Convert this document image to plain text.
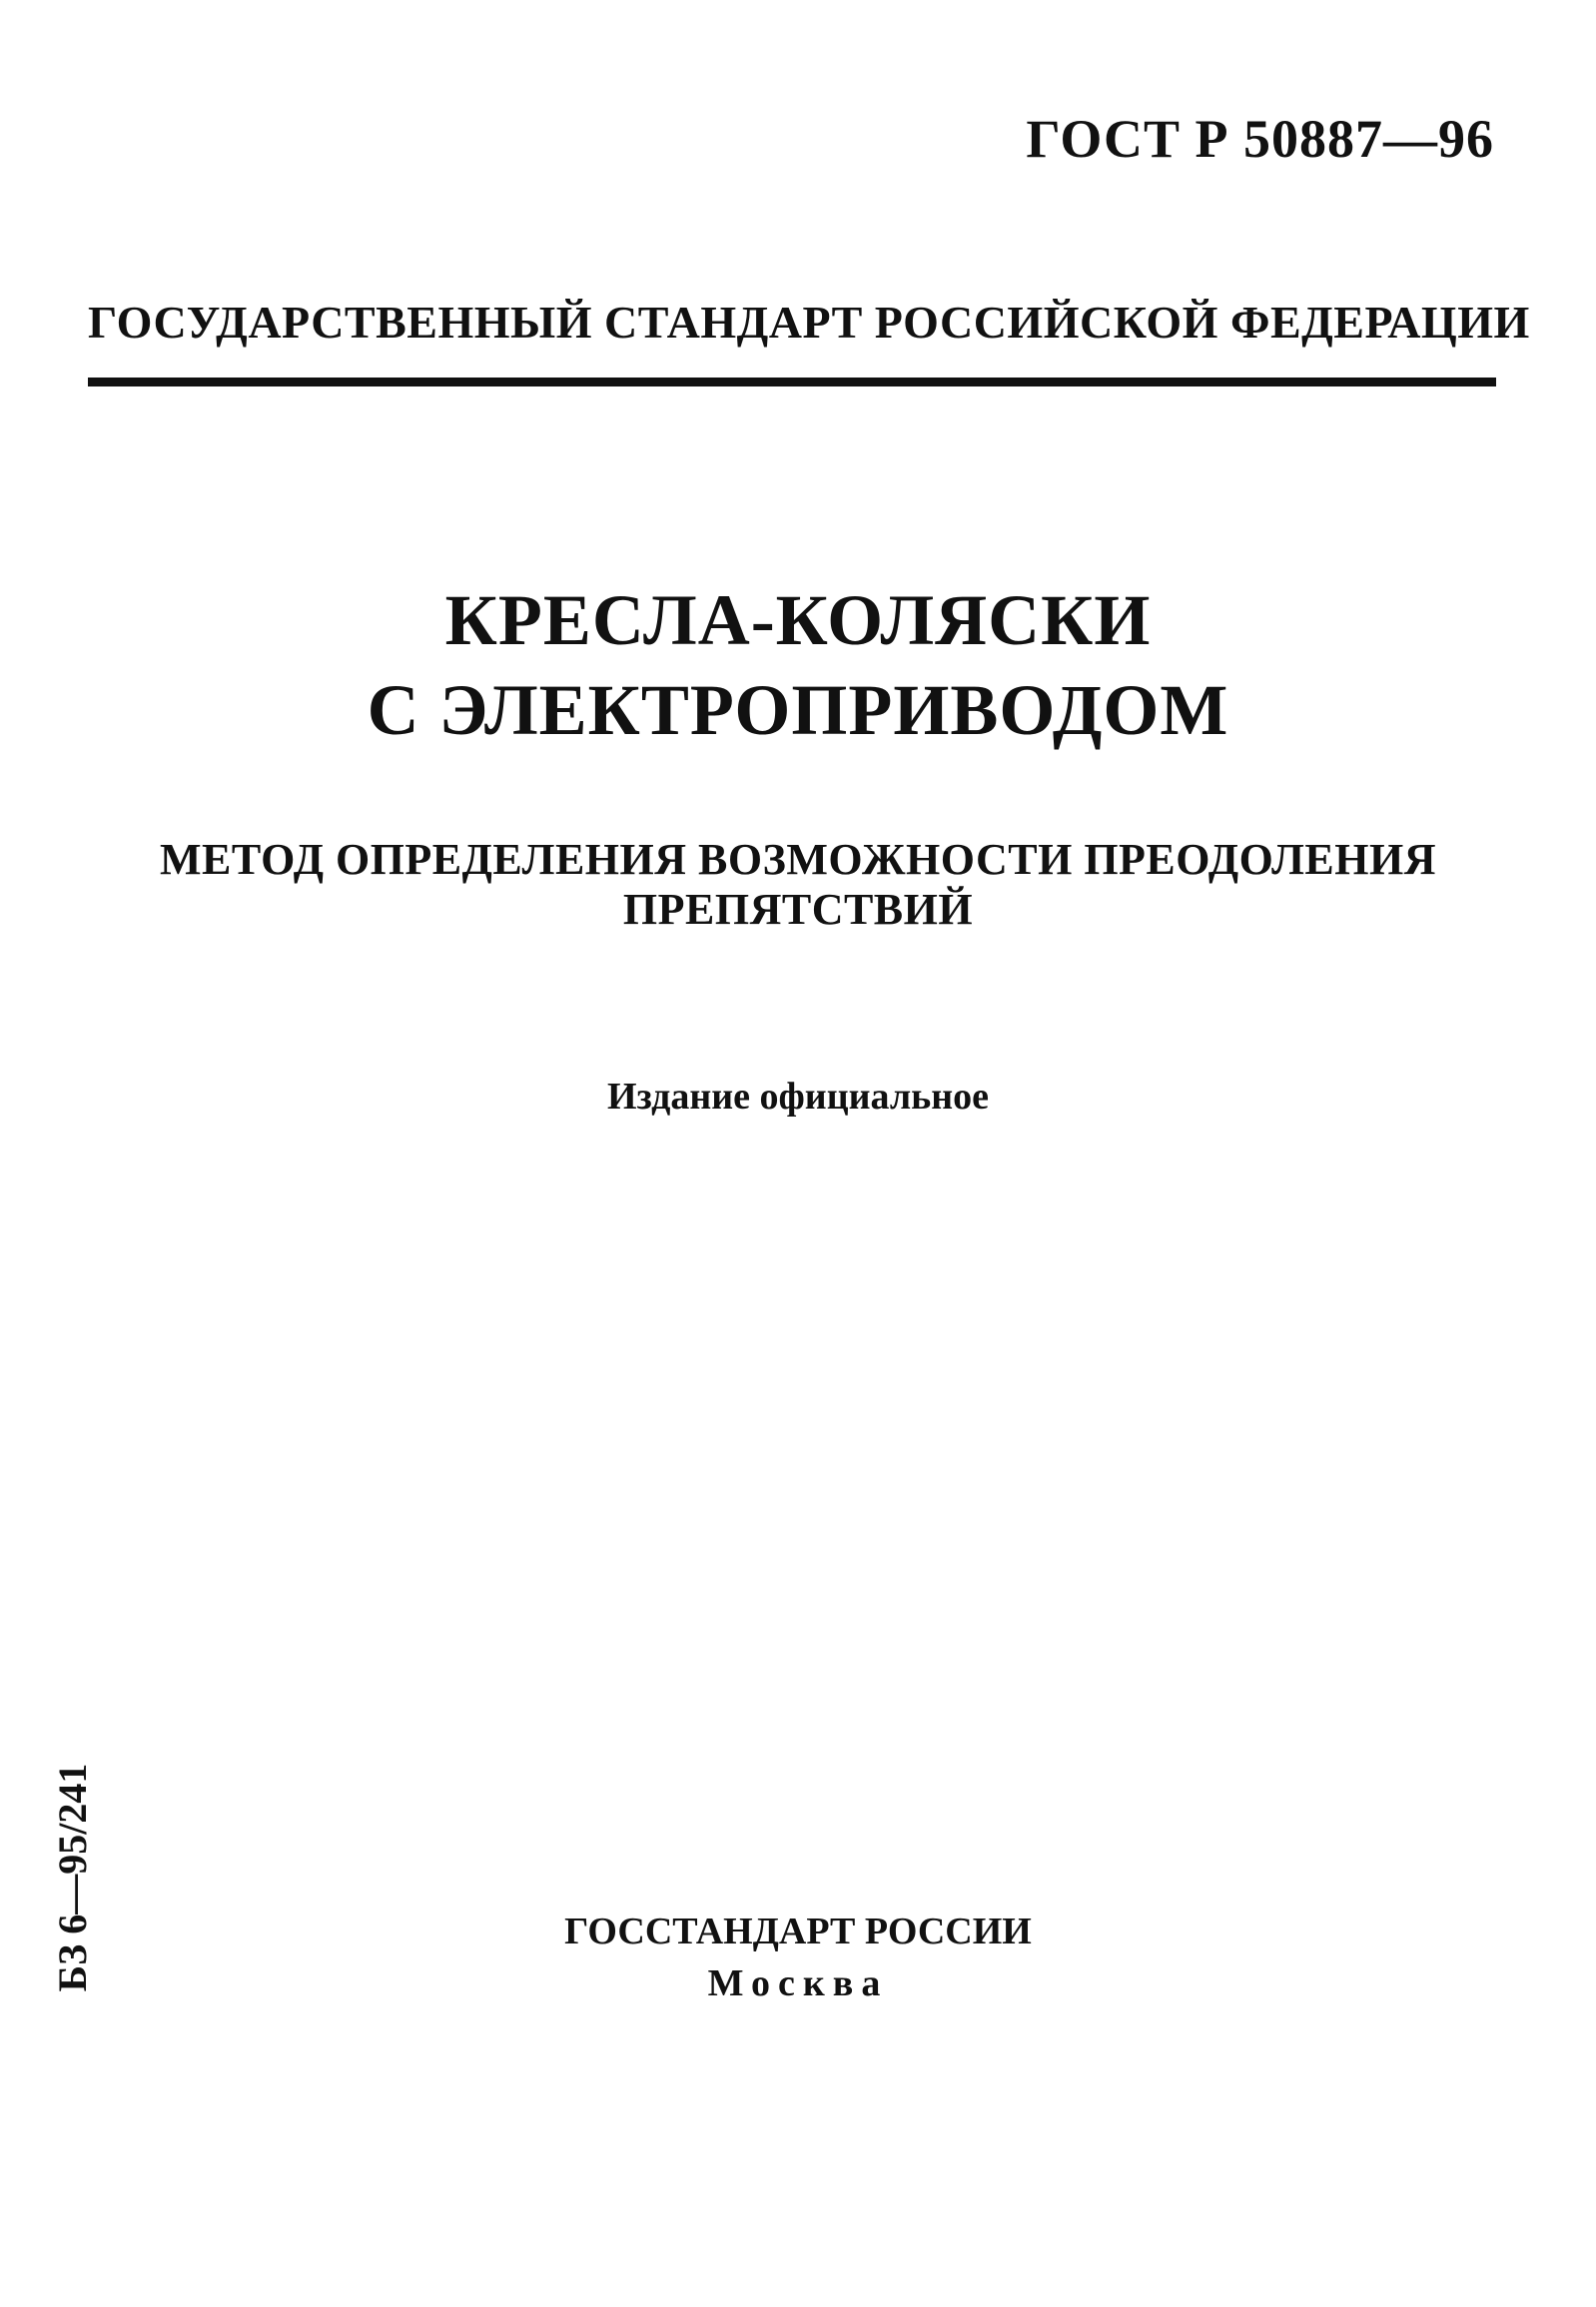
ГОСТ Р 50887—96
ГОСУДАРСТВЕННЫЙ СТАНДАРТ РОССИЙСКОЙ ФЕДЕРАЦИИ
КРЕСЛА-КОЛЯСКИ
С ЭЛЕКТРОПРИВОДОМ
МЕТОД ОПРЕДЕЛЕНИЯ ВОЗМОЖНОСТИ ПРЕОДОЛЕНИЯ
ПРЕПЯТСТВИЙ
Издание официальное
БЗ 6—95/241	ГОССТАНДАРТ РОССИИ
Москва
